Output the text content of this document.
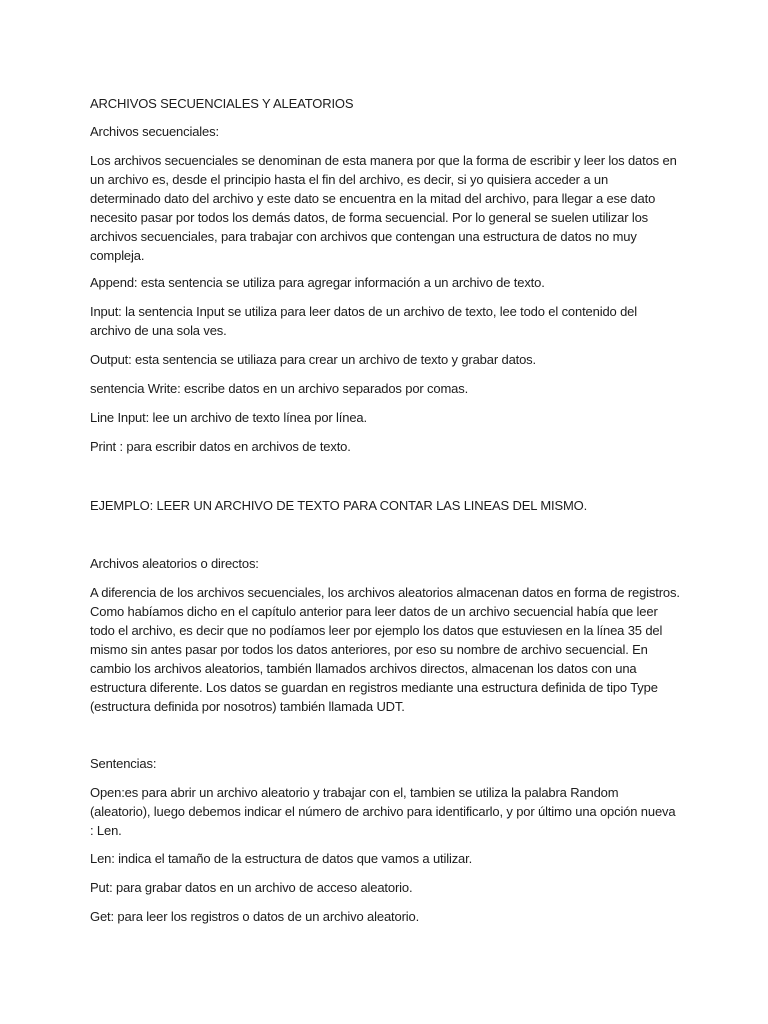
ARCHIVOS SECUENCIALES Y ALEATORIOS

Archivos secuenciales:

Los archivos secuenciales se denominan de esta manera por que la forma de escribir y leer los datos en un archivo es, desde el principio hasta el fin del archivo, es decir, si yo quisiera acceder a un determinado dato del archivo y este dato se encuentra en la mitad del archivo, para llegar a ese dato necesito pasar por todos los demás datos, de forma secuencial. Por lo general se suelen utilizar los archivos secuenciales, para trabajar con archivos que contengan una estructura de datos no muy compleja.

Append: esta sentencia se utiliza para agregar información a un archivo de texto.

Input: la sentencia Input se utiliza para leer datos de un archivo de texto, lee todo el contenido del archivo de una sola ves.

Output: esta sentencia se utiliaza para crear un archivo de texto y grabar datos.

sentencia Write: escribe datos en un archivo separados por comas.

Line Input: lee un archivo de texto línea por línea.

Print : para escribir datos en archivos de texto.

EJEMPLO: LEER UN ARCHIVO DE TEXTO PARA CONTAR LAS LINEAS DEL MISMO.

Archivos aleatorios o directos:

A diferencia de los archivos secuenciales, los archivos aleatorios almacenan datos en forma de registros. Como habíamos dicho en el capítulo anterior para leer datos de un archivo secuencial había que leer todo el archivo, es decir que no podíamos leer por ejemplo los datos que estuviesen en la línea 35 del mismo sin antes pasar por todos los datos anteriores, por eso su nombre de archivo secuencial. En cambio los archivos aleatorios, también llamados archivos directos, almacenan los datos con una estructura diferente. Los datos se guardan en registros mediante una estructura definida de tipo Type (estructura definida por nosotros) también llamada UDT.

Sentencias:

Open:es para abrir un archivo aleatorio y trabajar con el, tambien se utiliza la palabra Random (aleatorio), luego debemos indicar el número de archivo para identificarlo, y por último una opción nueva : Len.

Len: indica el tamaño de la estructura de datos que vamos a utilizar.

Put: para grabar datos en un archivo de acceso aleatorio.

Get: para leer los registros o datos de un archivo aleatorio.
